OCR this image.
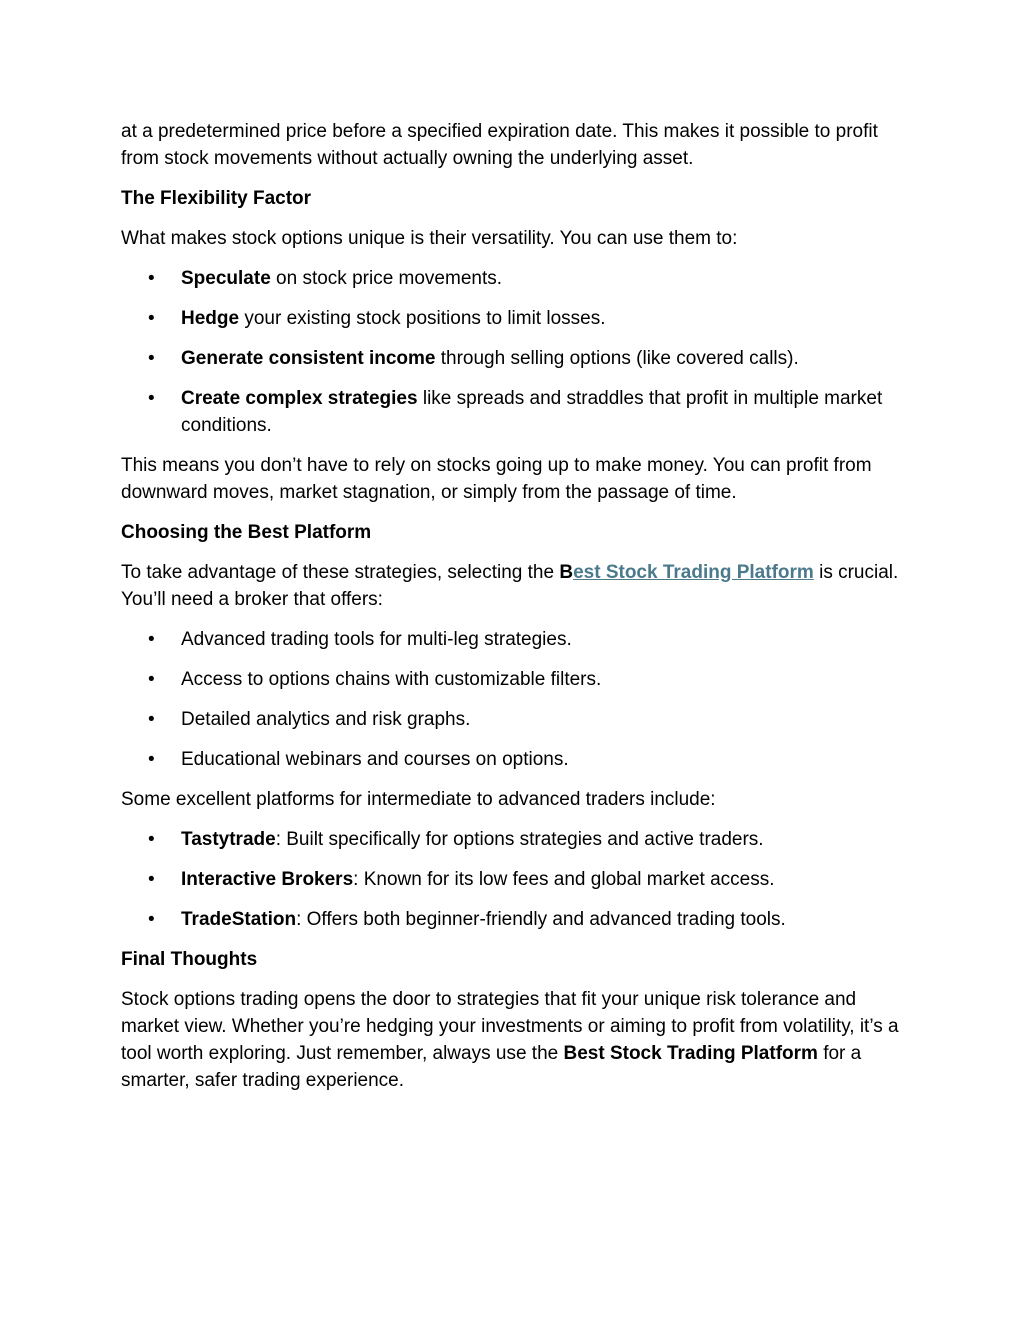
at a predetermined price before a specified expiration date. This makes it possible to profit from stock movements without actually owning the underlying asset.

The Flexibility Factor

What makes stock options unique is their versatility. You can use them to:

• Speculate on stock price movements.
• Hedge your existing stock positions to limit losses.
• Generate consistent income through selling options (like covered calls).
• Create complex strategies like spreads and straddles that profit in multiple market conditions.

This means you don’t have to rely on stocks going up to make money. You can profit from downward moves, market stagnation, or simply from the passage of time.

Choosing the Best Platform

To take advantage of these strategies, selecting the Best Stock Trading Platform is crucial. You’ll need a broker that offers:

• Advanced trading tools for multi-leg strategies.
• Access to options chains with customizable filters.
• Detailed analytics and risk graphs.
• Educational webinars and courses on options.

Some excellent platforms for intermediate to advanced traders include:

• Tastytrade: Built specifically for options strategies and active traders.
• Interactive Brokers: Known for its low fees and global market access.
• TradeStation: Offers both beginner-friendly and advanced trading tools.
Final Thoughts

Stock options trading opens the door to strategies that fit your unique risk tolerance and market view. Whether you’re hedging your investments or aiming to profit from volatility, it’s a tool worth exploring. Just remember, always use the Best Stock Trading Platform for a smarter, safer trading experience.
